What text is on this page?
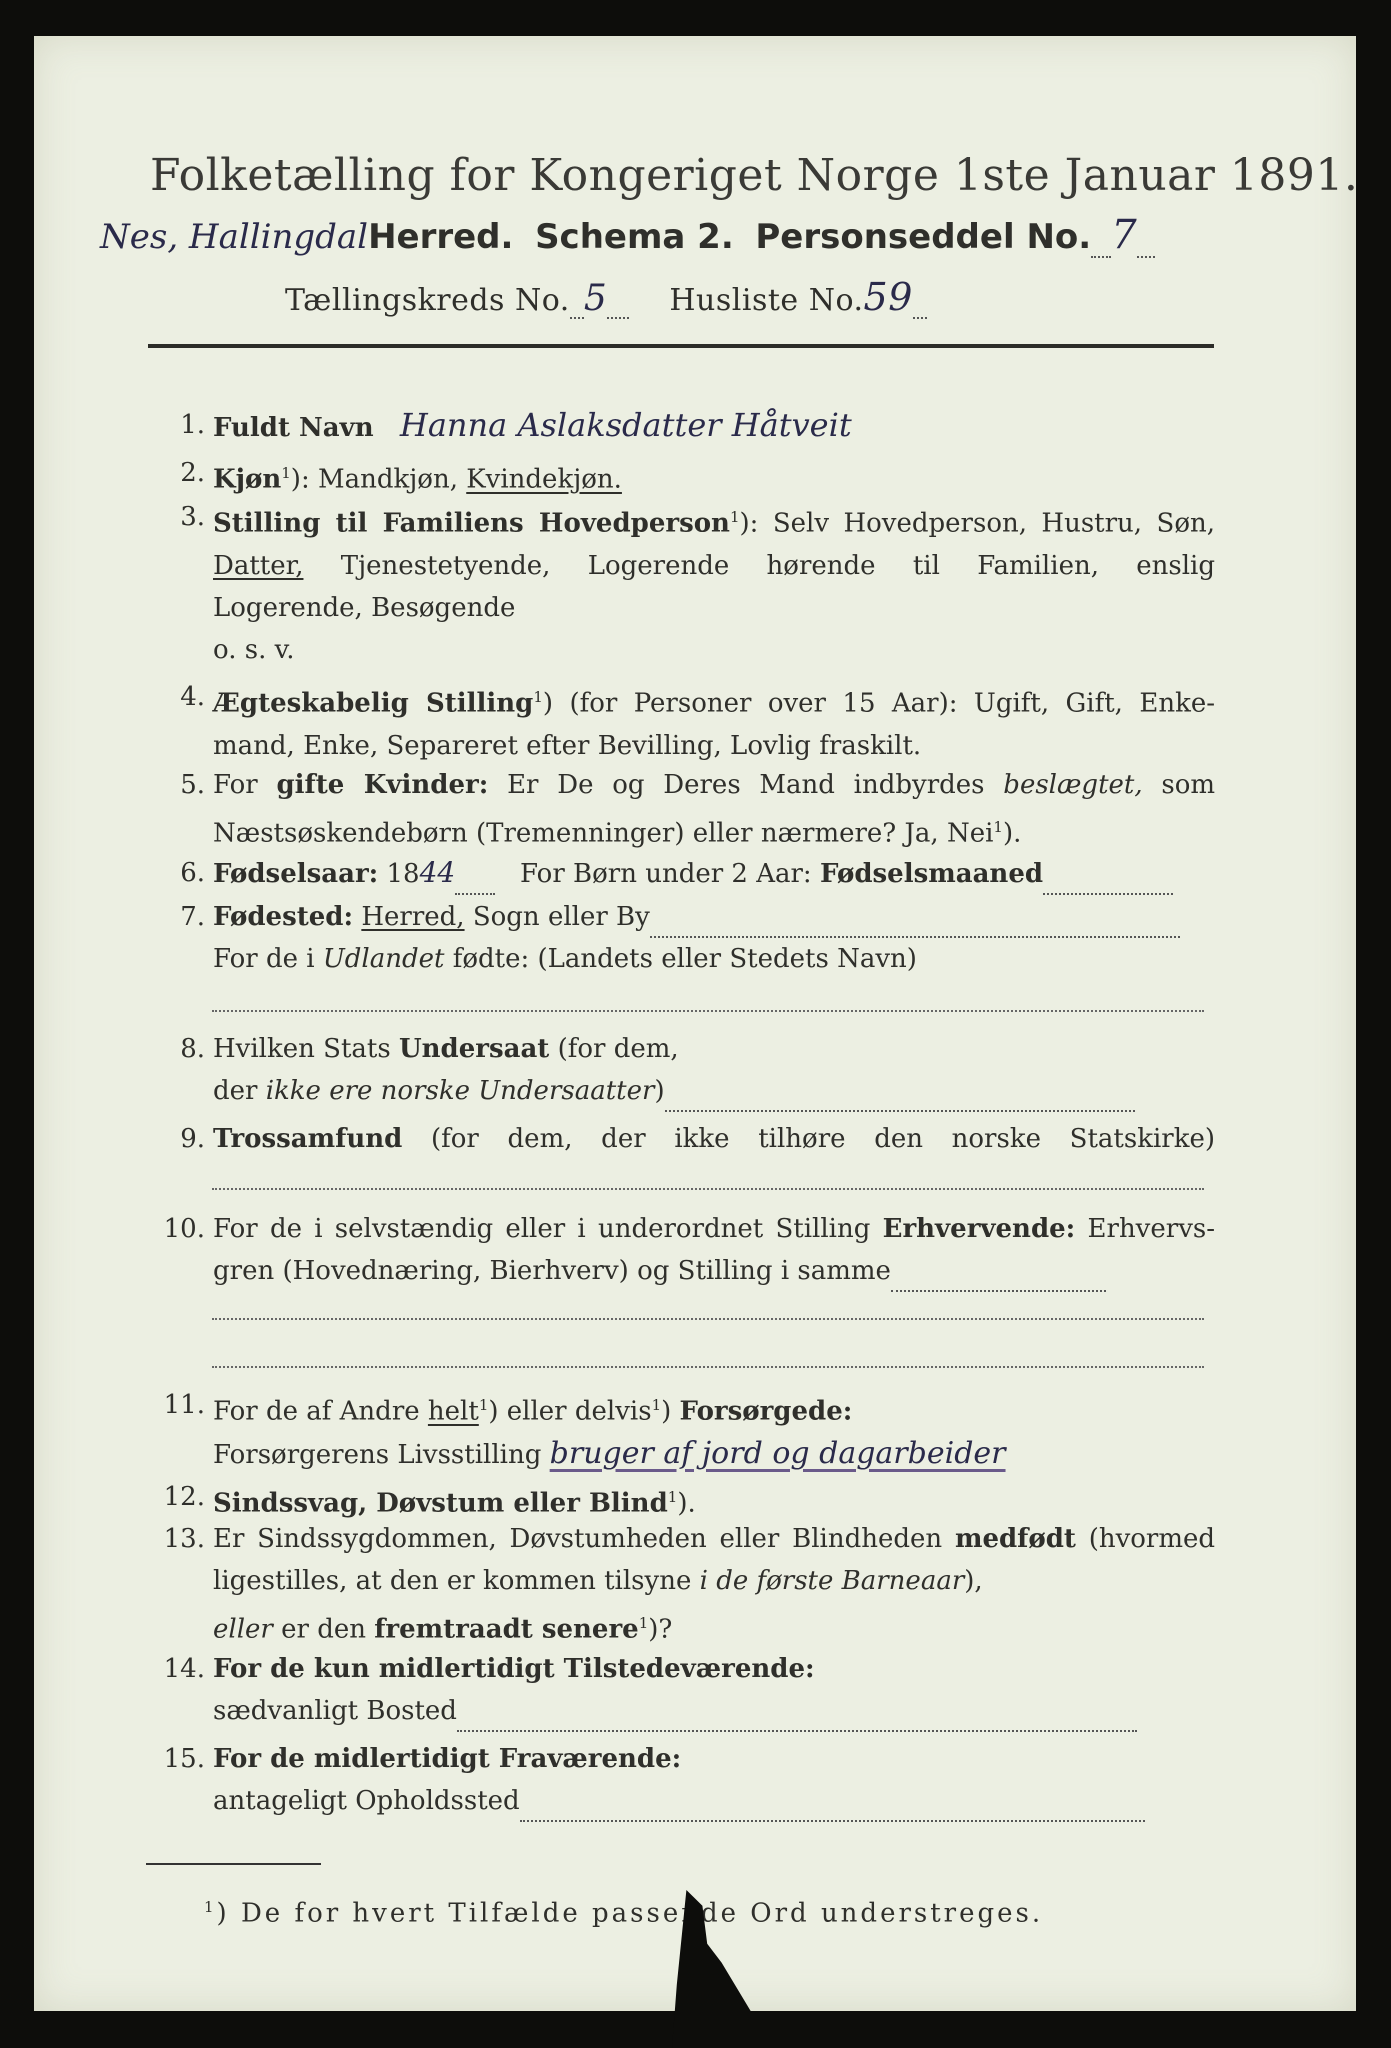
Folketælling for Kongeriget Norge 1ste Januar 1891.
Nes, HallingdalHerred. Schema 2. Personseddel No. 7
Tællingskreds No. 5 Husliste No.59
1. Fuldt Navn Hanna Aslaksdatter Håtveit
2. Kjøn$^1$): Mandkjøn, Kvindekjøn.
3. Stilling til Familiens Hovedperson$^1$): Selv Hovedperson, Hustru, Søn,
Datter, Tjenestetyende, Logerende hørende til Familien, enslig
Logerende, Besøgende
o. s. v.
4. Ægteskabelig Stilling$^1$) (for Personer over 15 Aar): Ugift, Gift, Enke-
mand, Enke, Separeret efter Bevilling, Lovlig fraskilt.
5. For gifte Kvinder: Er De og Deres Mand indbyrdes beslægtet, som
Næstsøskendebørn (Tremenninger) eller nærmere? Ja, Nei$^1$).
6. Fødselsaar: 1844 For Børn under 2 Aar: Fødselsmaaned
7. Fødested: Herred, Sogn eller By
For de i Udlandet fødte: (Landets eller Stedets Navn)
8. Hvilken Stats Undersaat (for dem,
der ikke ere norske Undersaatter)
9. Trossamfund (for dem, der ikke tilhøre den norske Statskirke)
10. For de i selvstændig eller i underordnet Stilling Erhvervende: Erhvervs-
gren (Hovednæring, Bierhverv) og Stilling i samme
11. For de af Andre helt$^1$) eller delvis$^1$) Forsørgede:
Forsørgerens Livsstilling bruger af jord og dagarbeider
12. Sindssvag, Døvstum eller Blind$^1$).
13. Er Sindssygdommen, Døvstumheden eller Blindheden medfødt (hvormed
ligestilles, at den er kommen tilsyne i de første Barneaar),
eller er den fremtraadt senere$^1$)?
14. For de kun midlertidigt Tilstedeværende:
sædvanligt Bosted
15. For de midlertidigt Fraværende:
antageligt Opholdssted
$^1$) De for hvert Tilfælde passende Ord understreges.
